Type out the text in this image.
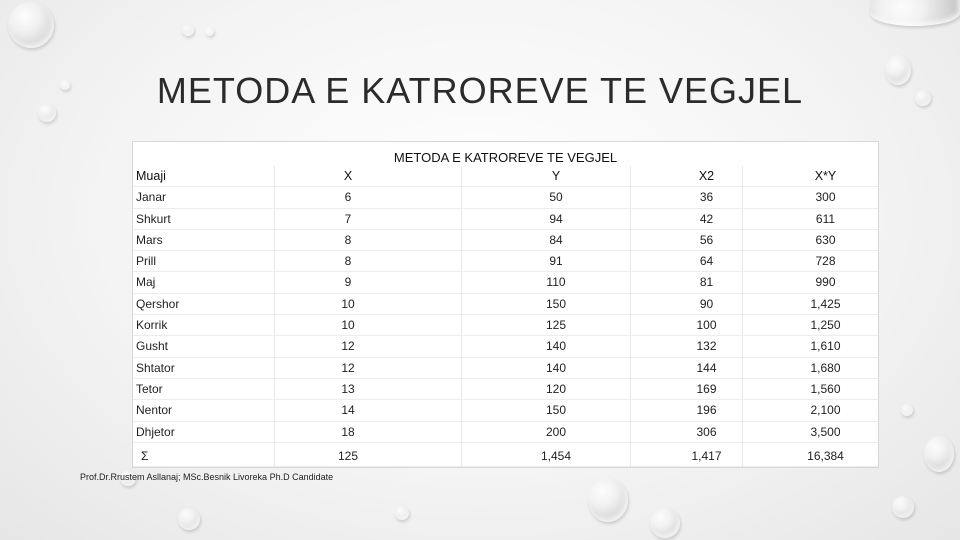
METODA E KATROREVE TE VEGJEL
METODA E KATROREVE TE VEGJEL
Muaji	X	Y	X2	X*Y
Janar	6	50	36	300
Shkurt	7	94	42	611
Mars	8	84	56	630
Prill	8	91	64	728
Maj	9	110	81	990
Qershor	10	150	90	1,425
Korrik	10	125	100	1,250
Gusht	12	140	132	1,610
Shtator	12	140	144	1,680
Tetor	13	120	169	1,560
Nentor	14	150	196	2,100
Dhjetor	18	200	306	3,500
Σ	125	1,454	1,417	16,384
Prof.Dr.Rrustem Asllanaj; MSc.Besnik Livoreka Ph.D Candidate
